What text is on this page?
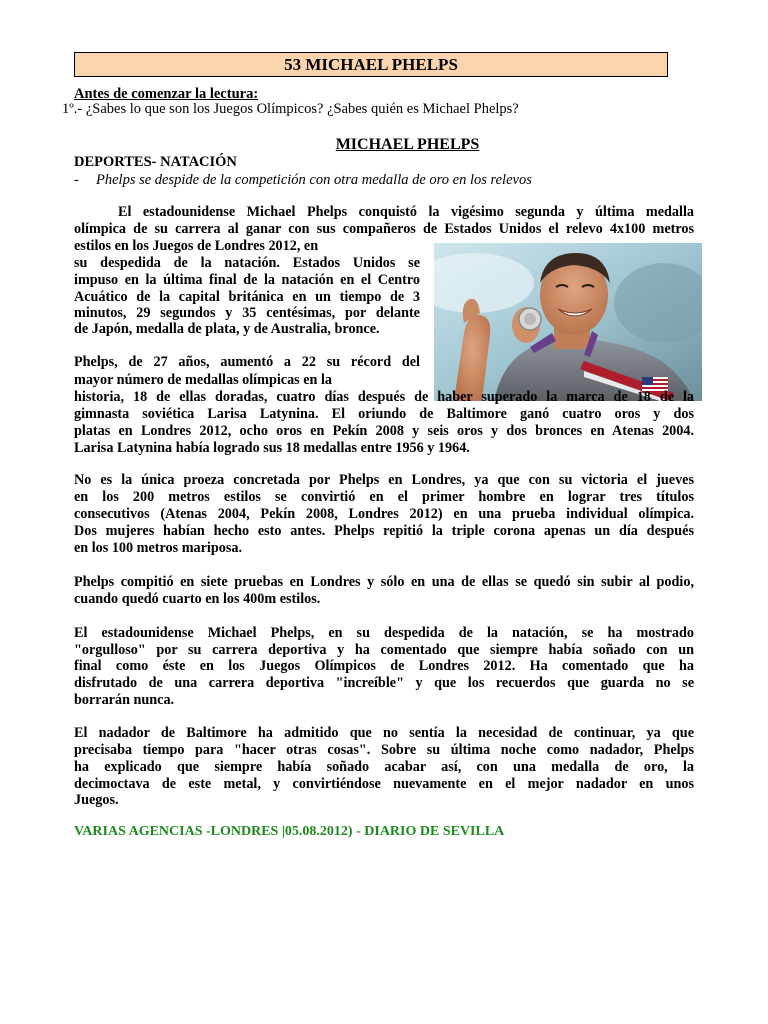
53 MICHAEL PHELPS
Antes de comenzar la lectura:
1º.- ¿Sabes lo que son los Juegos Olímpicos? ¿Sabes quién es Michael Phelps?
MICHAEL PHELPS
DEPORTES- NATACIÓN
- Phelps se despide de la competición con otra medalla de oro en los relevos
El estadounidense Michael Phelps conquistó la vigésimo segunda y última medalla
olímpica de su carrera al ganar con sus compañeros de Estados Unidos el relevo 4x100 metros
estilos en los Juegos de Londres 2012, en
su despedida de la natación. Estados Unidos se
impuso en la última final de la natación en el Centro
Acuático de la capital británica en un tiempo de 3
minutos, 29 segundos y 35 centésimas, por delante
de Japón, medalla de plata, y de Australia, bronce.
Phelps, de 27 años, aumentó a 22 su récord del
mayor número de medallas olímpicas en la
historia, 18 de ellas doradas, cuatro días después de haber superado la marca de 18 de la
gimnasta soviética Larisa Latynina. El oriundo de Baltimore ganó cuatro oros y dos
platas en Londres 2012, ocho oros en Pekín 2008 y seis oros y dos bronces en Atenas 2004.
Larisa Latynina había logrado sus 18 medallas entre 1956 y 1964.
No es la única proeza concretada por Phelps en Londres, ya que con su victoria el jueves
en los 200 metros estilos se convirtió en el primer hombre en lograr tres títulos
consecutivos (Atenas 2004, Pekín 2008, Londres 2012) en una prueba individual olímpica.
Dos mujeres habían hecho esto antes. Phelps repitió la triple corona apenas un día después
en los 100 metros mariposa.
Phelps compitió en siete pruebas en Londres y sólo en una de ellas se quedó sin subir al podio,
cuando quedó cuarto en los 400m estilos.
El estadounidense Michael Phelps, en su despedida de la natación, se ha mostrado
"orgulloso" por su carrera deportiva y ha comentado que siempre había soñado con un
final como éste en los Juegos Olímpicos de Londres 2012. Ha comentado que ha
disfrutado de una carrera deportiva "increíble" y que los recuerdos que guarda no se
borrarán nunca.
El nadador de Baltimore ha admitido que no sentía la necesidad de continuar, ya que
precisaba tiempo para "hacer otras cosas". Sobre su última noche como nadador, Phelps
ha explicado que siempre había soñado acabar así, con una medalla de oro, la
decimoctava de este metal, y convirtiéndose nuevamente en el mejor nadador en unos
Juegos.
VARIAS AGENCIAS -LONDRES |05.08.2012) - DIARIO DE SEVILLA
